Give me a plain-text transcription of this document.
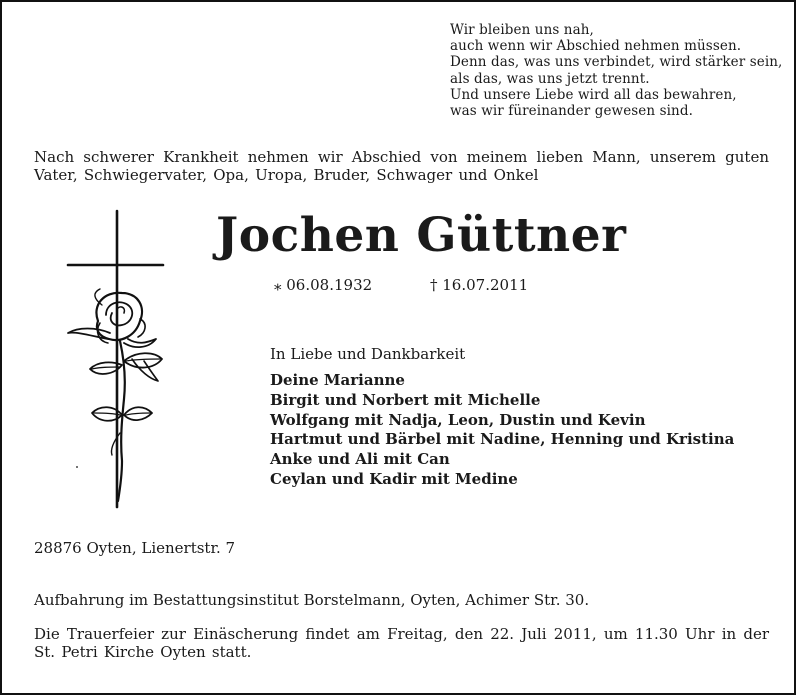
Wir bleiben uns nah,
auch wenn wir Abschied nehmen müssen.
Denn das, was uns verbindet, wird stärker sein,
als das, was uns jetzt trennt.
Und unsere Liebe wird all das bewahren,
was wir füreinander gewesen sind.
Nach schwerer Krankheit nehmen wir Abschied von meinem lieben Mann, unserem guten Vater, Schwiegervater, Opa, Uropa, Bruder, Schwager und Onkel
Jochen Güttner
⁎ 06.08.1932	† 16.07.2011
In Liebe und Dankbarkeit
Deine Marianne
Birgit und Norbert mit Michelle
Wolfgang mit Nadja, Leon, Dustin und Kevin
Hartmut und Bärbel mit Nadine, Henning und Kristina
Anke und Ali mit Can
Ceylan und Kadir mit Medine
28876 Oyten, Lienertstr. 7
Aufbahrung im Bestattungsinstitut Borstelmann, Oyten, Achimer Str. 30.
Die Trauerfeier zur Einäscherung findet am Freitag, den 22. Juli 2011, um 11.30 Uhr in der St. Petri Kirche Oyten statt.
